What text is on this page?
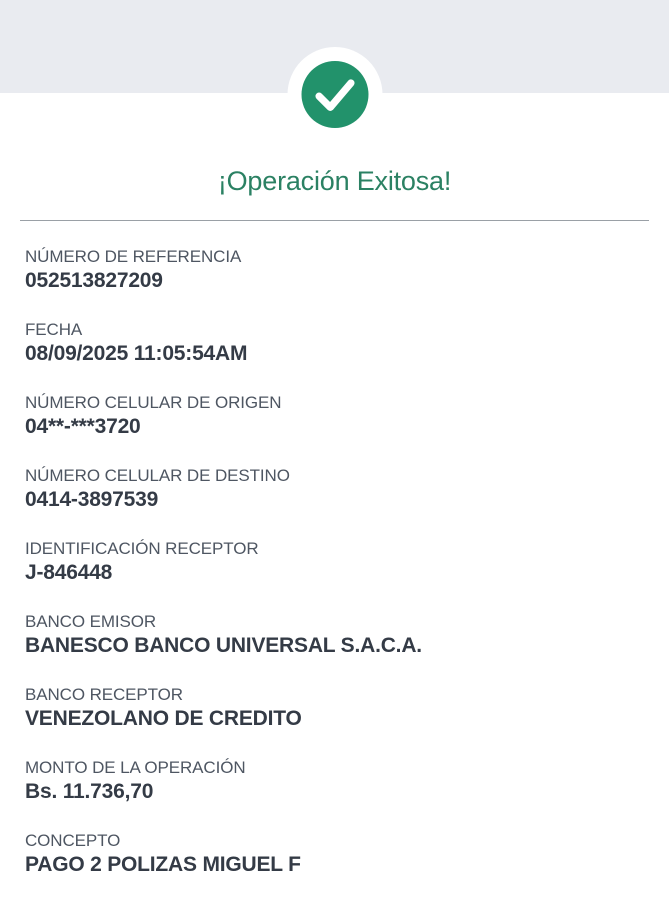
¡Operación Exitosa!
NÚMERO DE REFERENCIA
052513827209
FECHA
08/09/2025 11:05:54AM
NÚMERO CELULAR DE ORIGEN
04**-***3720
NÚMERO CELULAR DE DESTINO
0414-3897539
IDENTIFICACIÓN RECEPTOR
J-846448
BANCO EMISOR
BANESCO BANCO UNIVERSAL S.A.C.A.
BANCO RECEPTOR
VENEZOLANO DE CREDITO
MONTO DE LA OPERACIÓN
Bs. 11.736,70
CONCEPTO
PAGO 2 POLIZAS MIGUEL F
